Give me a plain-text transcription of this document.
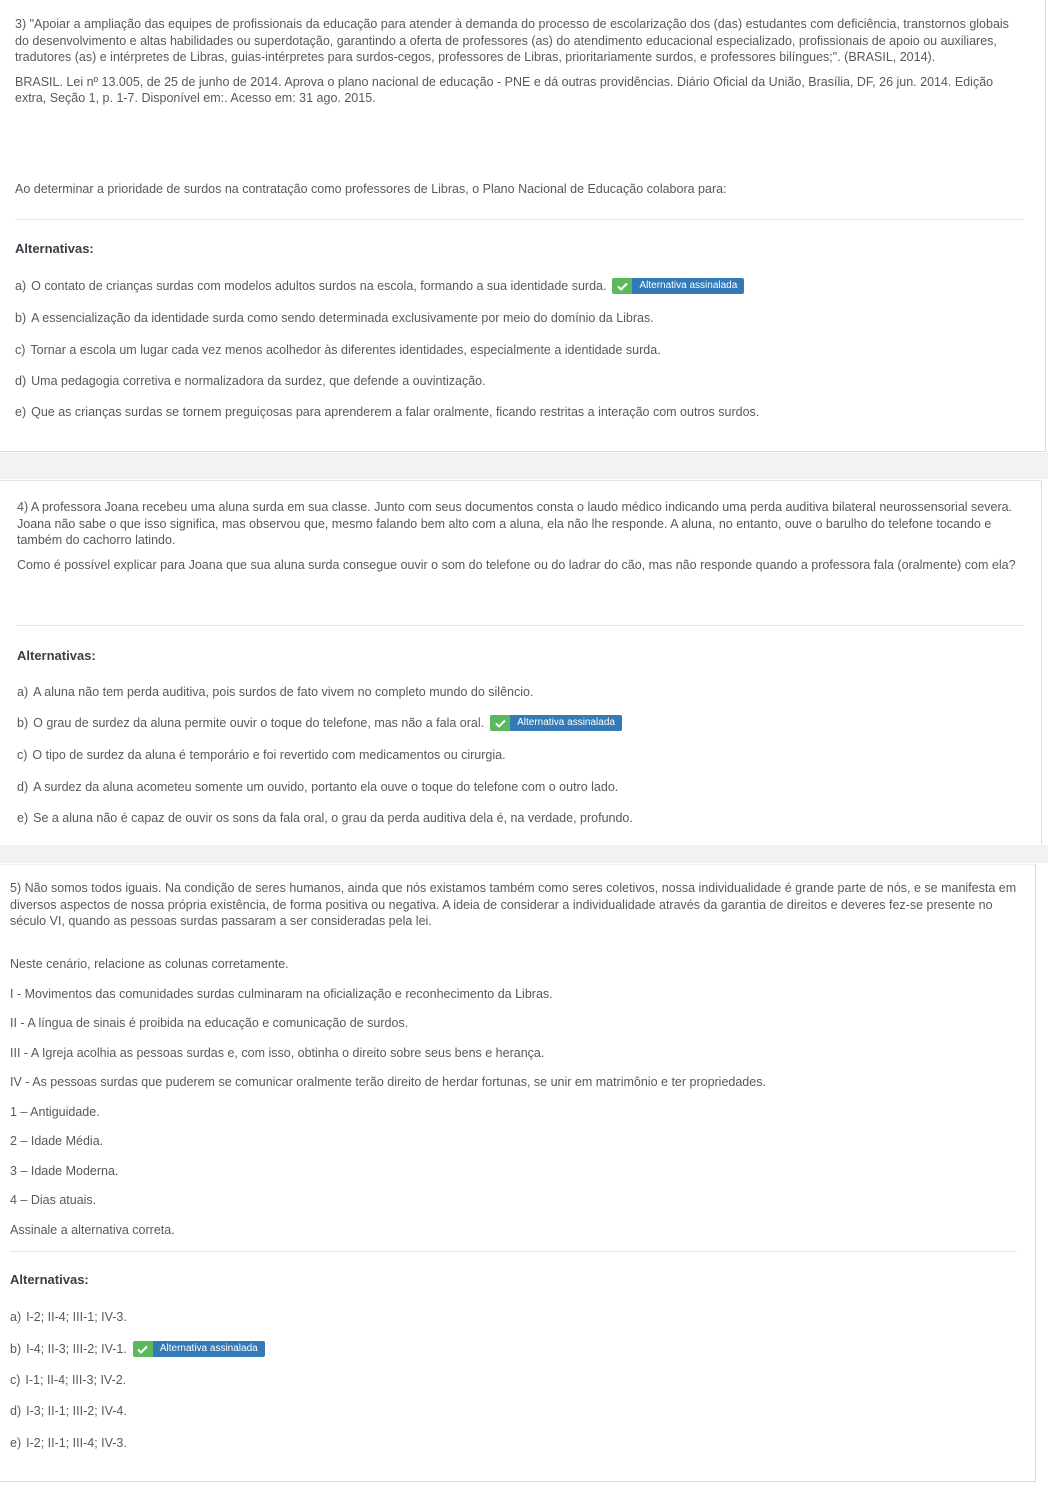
3) "Apoiar a ampliação das equipes de profissionais da educação para atender à demanda do processo de escolarização dos (das) estudantes com deficiência, transtornos globais do desenvolvimento e altas habilidades ou superdotação, garantindo a oferta de professores (as) do atendimento educacional especializado, profissionais de apoio ou auxiliares, tradutores (as) e intérpretes de Libras, guias-intérpretes para surdos-cegos, professores de Libras, prioritariamente surdos, e professores bilíngues;". (BRASIL, 2014).

BRASIL. Lei nº 13.005, de 25 de junho de 2014. Aprova o plano nacional de educação - PNE e dá outras providências. Diário Oficial da União, Brasília, DF, 26 jun. 2014. Edição extra, Seção 1, p. 1-7. Disponível em:. Acesso em: 31 ago. 2015.

Ao determinar a prioridade de surdos na contratação como professores de Libras, o Plano Nacional de Educação colabora para:

Alternativas:
a) O contato de crianças surdas com modelos adultos surdos na escola, formando a sua identidade surda.	Alternativa assinalada
b) A essencialização da identidade surda como sendo determinada exclusivamente por meio do domínio da Libras.
c) Tornar a escola um lugar cada vez menos acolhedor às diferentes identidades, especialmente a identidade surda.
d) Uma pedagogia corretiva e normalizadora da surdez, que defende a ouvintização.
e) Que as crianças surdas se tornem preguiçosas para aprenderem a falar oralmente, ficando restritas a interação com outros surdos.

4) A professora Joana recebeu uma aluna surda em sua classe. Junto com seus documentos consta o laudo médico indicando uma perda auditiva bilateral neurossensorial severa. Joana não sabe o que isso significa, mas observou que, mesmo falando bem alto com a aluna, ela não lhe responde. A aluna, no entanto, ouve o barulho do telefone tocando e também do cachorro latindo.

Como é possível explicar para Joana que sua aluna surda consegue ouvir o som do telefone ou do ladrar do cão, mas não responde quando a professora fala (oralmente) com ela?

Alternativas:
a) A aluna não tem perda auditiva, pois surdos de fato vivem no completo mundo do silêncio.
b) O grau de surdez da aluna permite ouvir o toque do telefone, mas não a fala oral.	Alternativa assinalada
c) O tipo de surdez da aluna é temporário e foi revertido com medicamentos ou cirurgia.
d) A surdez da aluna acometeu somente um ouvido, portanto ela ouve o toque do telefone com o outro lado.
e) Se a aluna não é capaz de ouvir os sons da fala oral, o grau da perda auditiva dela é, na verdade, profundo.

5) Não somos todos iguais. Na condição de seres humanos, ainda que nós existamos também como seres coletivos, nossa individualidade é grande parte de nós, e se manifesta em diversos aspectos de nossa própria existência, de forma positiva ou negativa. A ideia de considerar a individualidade através da garantia de direitos e deveres fez-se presente no século VI, quando as pessoas surdas passaram a ser consideradas pela lei.

Neste cenário, relacione as colunas corretamente.
I - Movimentos das comunidades surdas culminaram na oficialização e reconhecimento da Libras.
II - A língua de sinais é proibida na educação e comunicação de surdos.
III - A Igreja acolhia as pessoas surdas e, com isso, obtinha o direito sobre seus bens e herança.
IV - As pessoas surdas que puderem se comunicar oralmente terão direito de herdar fortunas, se unir em matrimônio e ter propriedades.
1 – Antiguidade.
2 – Idade Média.
3 – Idade Moderna.
4 – Dias atuais.
Assinale a alternativa correta.
Alternativas:
a) I-2; II-4; III-1; IV-3.
b) I-4; II-3; III-2; IV-1.	Alternativa assinalada
c) I-1; II-4; III-3; IV-2.
d) I-3; II-1; III-2; IV-4.
e) I-2; II-1; III-4; IV-3.
